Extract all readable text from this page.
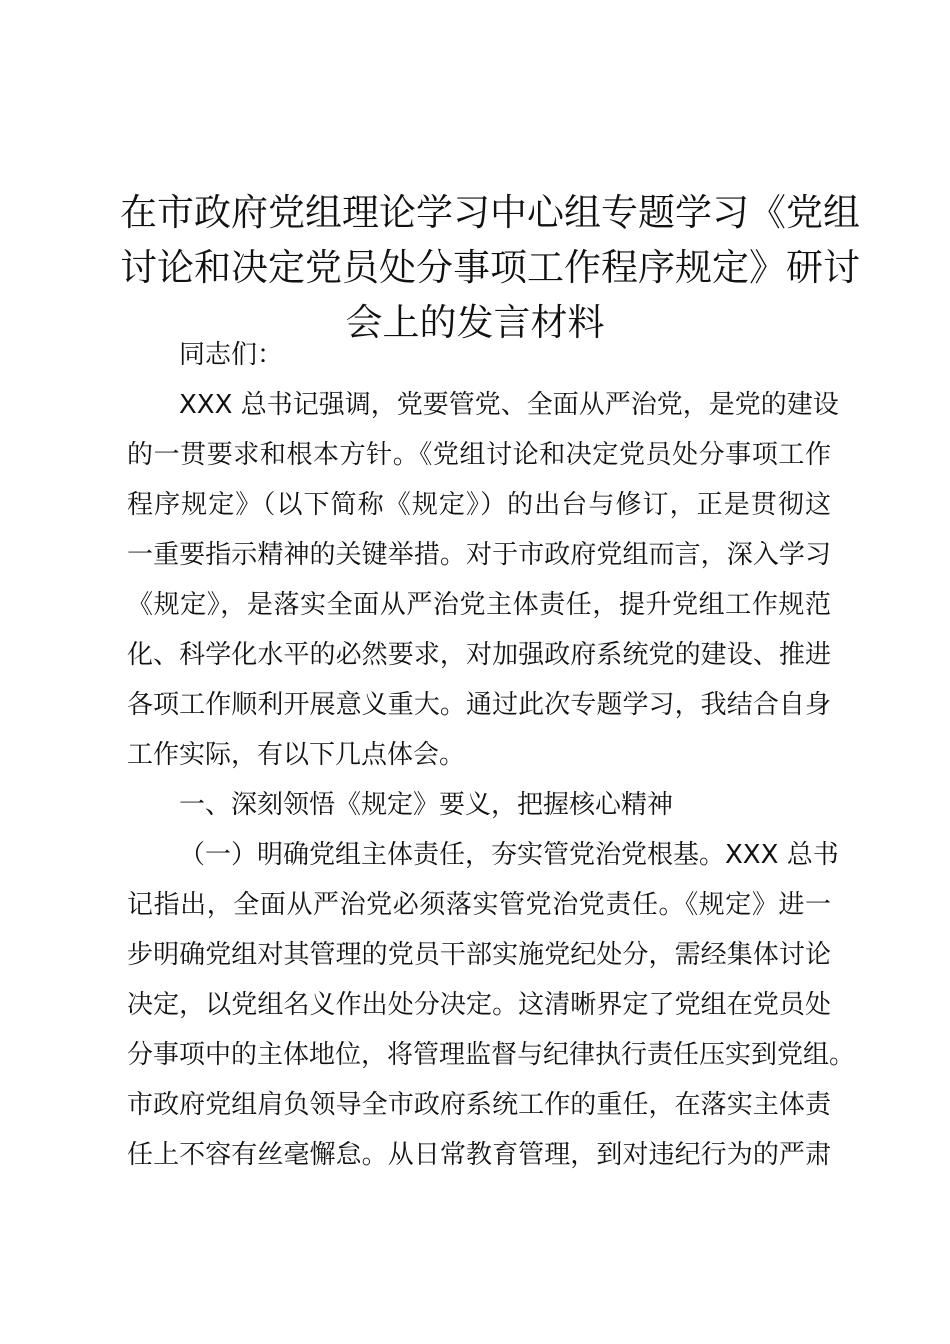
在市政府党组理论学习中心组专题学习《党组
讨论和决定党员处分事项工作程序规定》研讨
会上的发言材料
同志们：
XXX 总书记强调，党要管党、全面从严治党，是党的建设
的一贯要求和根本方针。《党组讨论和决定党员处分事项工作
程序规定》（以下简称《规定》）的出台与修订，正是贯彻这
一重要指示精神的关键举措。对于市政府党组而言，深入学习
《规定》，是落实全面从严治党主体责任，提升党组工作规范
化、科学化水平的必然要求，对加强政府系统党的建设、推进
各项工作顺利开展意义重大。通过此次专题学习，我结合自身
工作实际，有以下几点体会。
一、深刻领悟《规定》要义，把握核心精神
（一）明确党组主体责任，夯实管党治党根基。XXX 总书
记指出，全面从严治党必须落实管党治党责任。《规定》进一
步明确党组对其管理的党员干部实施党纪处分，需经集体讨论
决定，以党组名义作出处分决定。这清晰界定了党组在党员处
分事项中的主体地位，将管理监督与纪律执行责任压实到党组。
市政府党组肩负领导全市政府系统工作的重任，在落实主体责
任上不容有丝毫懈怠。从日常教育管理，到对违纪行为的严肃
